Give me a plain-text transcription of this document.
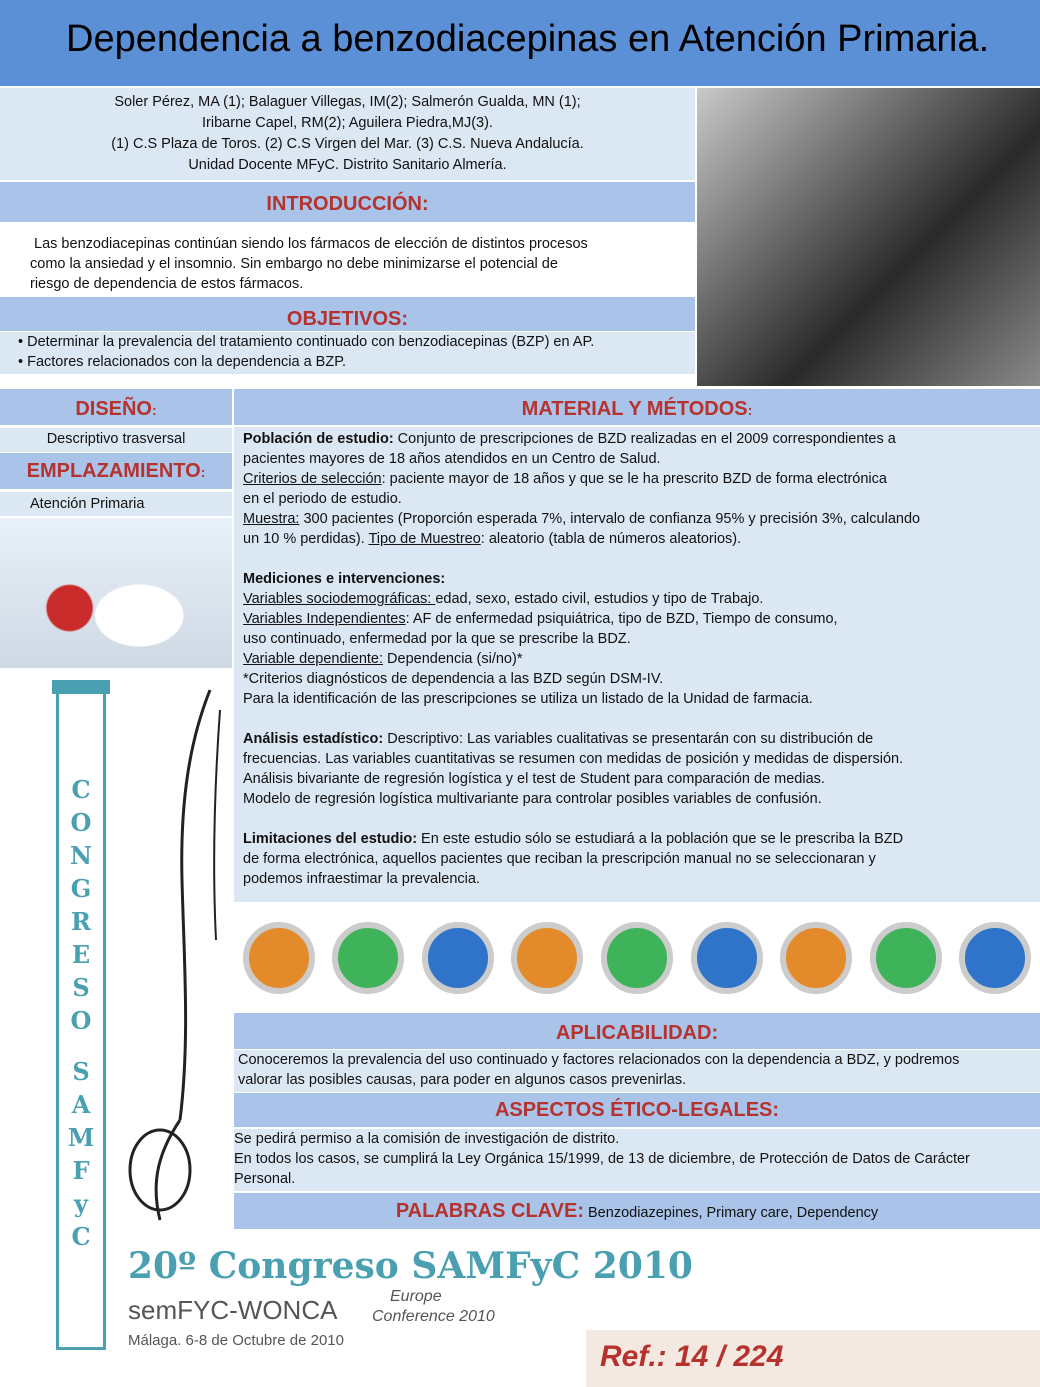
Dependencia a benzodiacepinas en Atención Primaria.
Soler Pérez, MA (1); Balaguer Villegas, IM(2); Salmerón Gualda, MN (1);
Iribarne Capel, RM(2); Aguilera Piedra,MJ(3).
(1) C.S Plaza de Toros. (2) C.S Virgen del Mar. (3) C.S. Nueva Andalucía.
Unidad Docente MFyC. Distrito Sanitario Almería.
INTRODUCCIÓN:
Las benzodiacepinas continúan siendo los fármacos de elección de distintos procesos
como la ansiedad y el insomnio. Sin embargo no debe minimizarse el potencial de
riesgo de dependencia de estos fármacos.
OBJETIVOS:
• Determinar la prevalencia del tratamiento continuado con benzodiacepinas (BZP) en AP.
• Factores relacionados con la dependencia a BZP.
DISEÑO:
Descriptivo trasversal
EMPLAZAMIENTO:
Atención Primaria
MATERIAL Y MÉTODOS:
Población de estudio: Conjunto de prescripciones de BZD realizadas en el 2009 correspondientes a
pacientes mayores de 18 años atendidos en un Centro de Salud.
Criterios de selección: paciente mayor de 18 años y que se le ha prescrito BZD de forma electrónica
en el periodo de estudio.
Muestra: 300 pacientes (Proporción esperada 7%, intervalo de confianza 95% y precisión 3%, calculando
un 10 % perdidas). Tipo de Muestreo: aleatorio (tabla de números aleatorios).
Mediciones e intervenciones:
Variables sociodemográficas: edad, sexo, estado civil, estudios y tipo de Trabajo.
Variables Independientes: AF de enfermedad psiquiátrica, tipo de BZD, Tiempo de consumo,
uso continuado, enfermedad por la que se prescribe la BDZ.
Variable dependiente: Dependencia (si/no)*
*Criterios diagnósticos de dependencia a las BZD según DSM-IV.
Para la identificación de las prescripciones se utiliza un listado de la Unidad de farmacia.
Análisis estadístico: Descriptivo: Las variables cualitativas se presentarán con su distribución de
frecuencias. Las variables cuantitativas se resumen con medidas de posición y medidas de dispersión.
Análisis bivariante de regresión logística y el test de Student para comparación de medias.
Modelo de regresión logística multivariante para controlar posibles variables de confusión.
Limitaciones del estudio: En este estudio sólo se estudiará a la población que se le prescriba la BZD
de forma electrónica, aquellos pacientes que reciban la prescripción manual no se seleccionaran y
podemos infraestimar la prevalencia.
APLICABILIDAD:
Conoceremos la prevalencia del uso continuado y factores relacionados con la dependencia a BDZ, y podremos
valorar las posibles causas, para poder en algunos casos prevenirlas.
ASPECTOS ÉTICO-LEGALES:
Se pedirá permiso a la comisión de investigación de distrito.
En todos los casos, se cumplirá la Ley Orgánica 15/1999, de 13 de diciembre, de Protección de Datos de Carácter
Personal.
PALABRAS CLAVE: Benzodiazepines, Primary care, Dependency
C
O
N
G
R
E
S
O
S
A
M
F
y
C
20º Congreso SAMFyC 2010
semFYC-WONCA	Europe
Conference 2010
Málaga. 6-8 de Octubre de 2010	Ref.: 14 / 224
